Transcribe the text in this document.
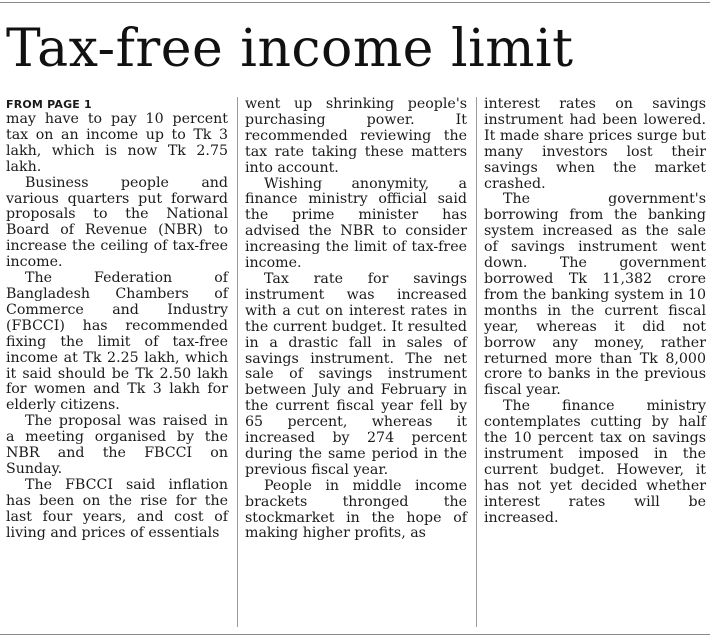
Tax-free income limit
FROM PAGE 1

may have to pay 10 percent tax on an income up to Tk 3 lakh, which is now Tk 2.75 lakh.

Business people and various quarters put forward proposals to the National Board of Revenue (NBR) to increase the ceiling of tax-free income.

The Federation of Bangladesh Chambers of Commerce and Industry (FBCCI) has recommended fixing the limit of tax-free income at Tk 2.25 lakh, which it said should be Tk 2.50 lakh for women and Tk 3 lakh for elderly citizens.

The proposal was raised in a meeting organised by the NBR and the FBCCI on Sunday.

The FBCCI said inflation has been on the rise for the last four years, and cost of living and prices of essentials

went up shrinking people's purchasing power. It recommended reviewing the tax rate taking these matters into account.

Wishing anonymity, a finance ministry official said the prime minister has advised the NBR to consider increasing the limit of tax-free income.

Tax rate for savings instrument was increased with a cut on interest rates in the current budget. It resulted in a drastic fall in sales of savings instrument. The net sale of savings instrument between July and February in the current fiscal year fell by 65 percent, whereas it increased by 274 percent during the same period in the previous fiscal year.

People in middle income brackets thronged the stockmarket in the hope of making higher profits, as

interest rates on savings instrument had been lowered. It made share prices surge but many investors lost their savings when the market crashed.

The government's borrowing from the banking system increased as the sale of savings instrument went down. The government borrowed Tk 11,382 crore from the banking system in 10 months in the current fiscal year, whereas it did not borrow any money, rather returned more than Tk 8,000 crore to banks in the previous fiscal year.

The finance ministry contemplates cutting by half the 10 percent tax on savings instrument imposed in the current budget. However, it has not yet decided whether interest rates will be increased.
